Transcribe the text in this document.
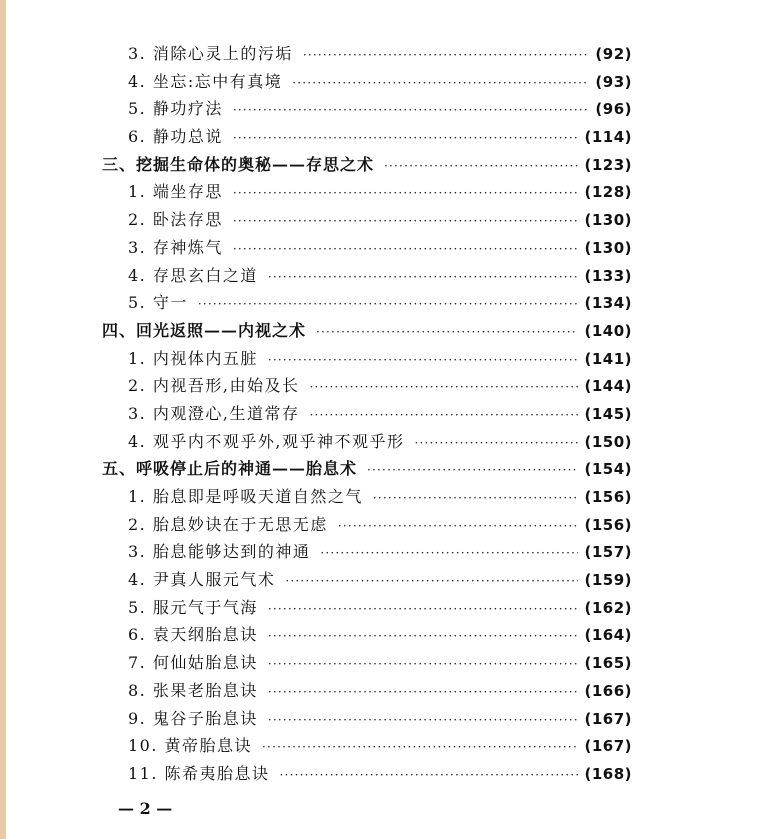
3. 消除心灵上的污垢 ·····	(92)
4. 坐忘:忘中有真境 ·····	(93)
5. 静功疗法 ·····	(96)
6. 静功总说 ·····	(114)
三、挖掘生命体的奥秘——存思之术 ·····	(123)
1. 端坐存思 ·····	(128)
2. 卧法存思 ·····	(130)
3. 存神炼气 ·····	(130)
4. 存思玄白之道 ·····	(133)
5. 守一 ·····	(134)
四、回光返照——内视之术 ·····	(140)
1. 内视体内五脏 ·····	(141)
2. 内视吾形,由始及长 ·····	(144)
3. 内观澄心,生道常存 ·····	(145)
4. 观乎内不观乎外,观乎神不观乎形 ·····	(150)
五、呼吸停止后的神通——胎息术 ·····	(154)
1. 胎息即是呼吸天道自然之气 ·····	(156)
2. 胎息妙诀在于无思无虑 ·····	(156)
3. 胎息能够达到的神通 ·····	(157)
4. 尹真人服元气术 ·····	(159)
5. 服元气于气海 ·····	(162)
6. 袁天纲胎息诀 ·····	(164)
7. 何仙姑胎息诀 ·····	(165)
8. 张果老胎息诀 ·····	(166)
9. 鬼谷子胎息诀 ·····	(167)
10. 黄帝胎息诀 ·····	(167)
11. 陈希夷胎息诀 ·····	(168)
— 2 —
